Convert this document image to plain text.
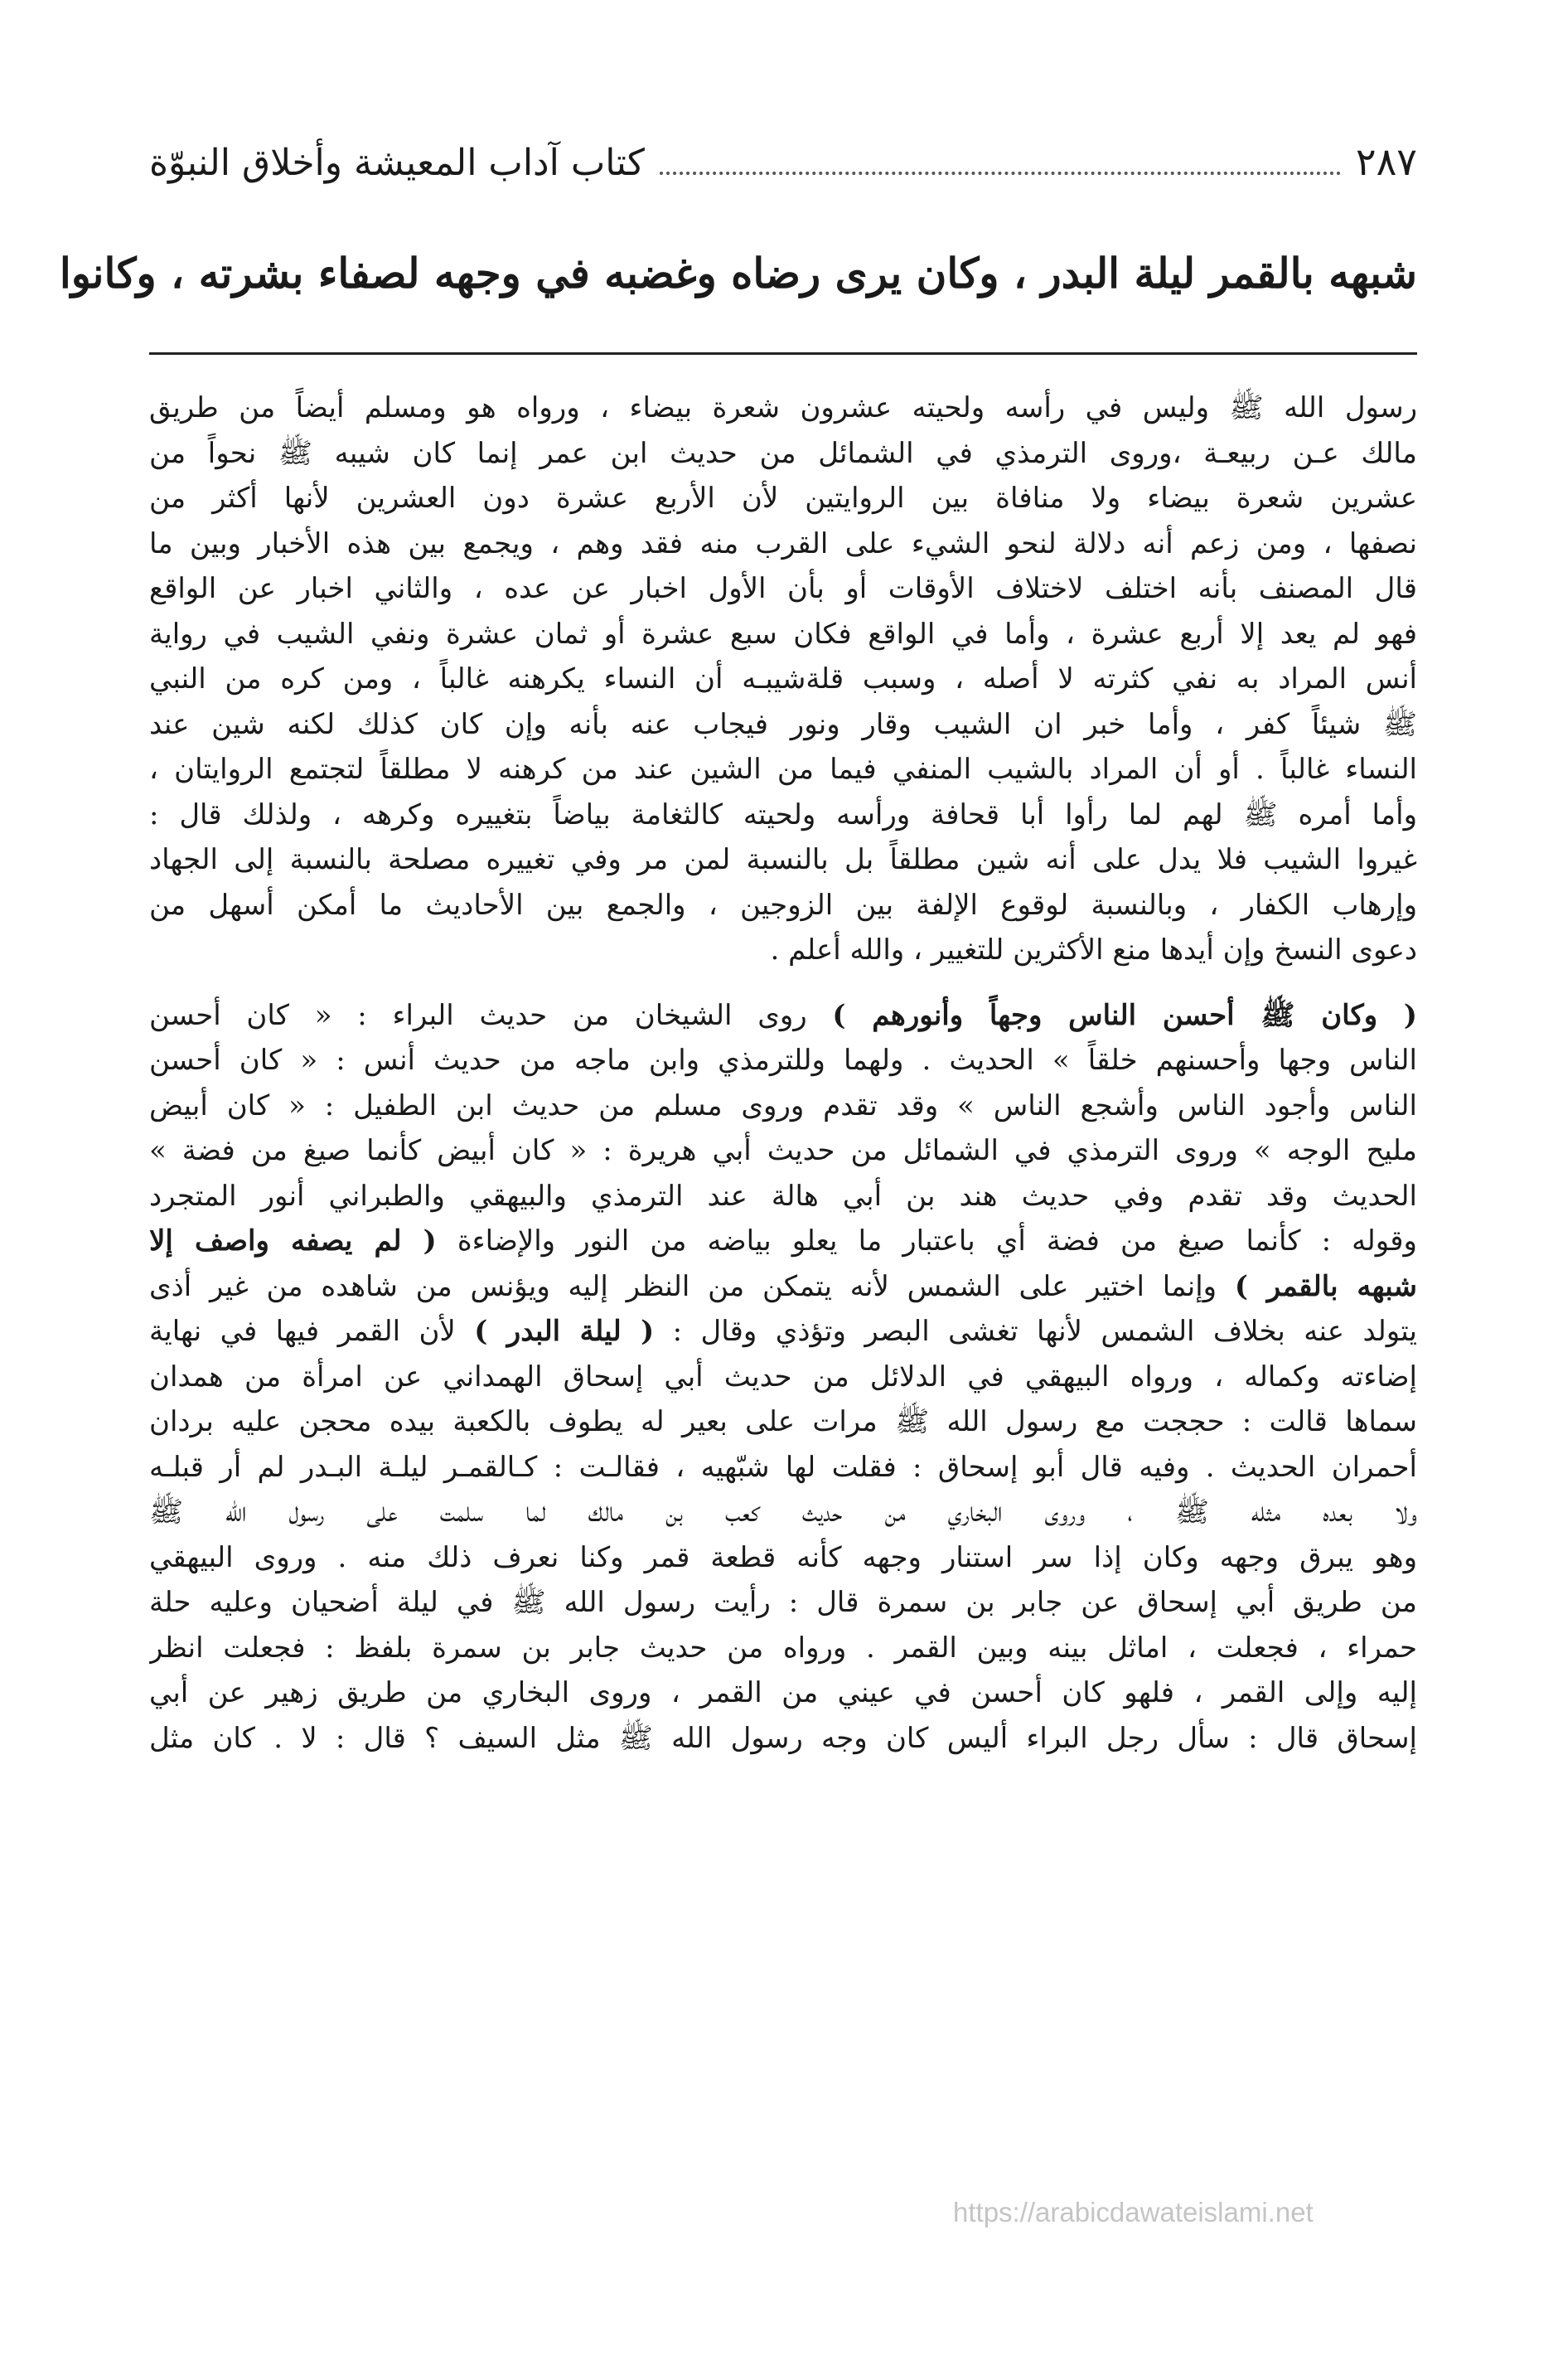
كتاب آداب المعيشة وأخلاق النبوّة	٢٨٧
شبهه بالقمر ليلة البدر ، وكان يرى رضاه وغضبه في وجهه لصفاء بشرته ، وكانوا
رسول الله ﷺ وليس في رأسه ولحيته عشرون شعرة بيضاء ، ورواه هو ومسلم أيضاً من طريق
مالك عـن ربيعـة ،وروى الترمذي في الشمائل من حديث ابن عمر إنما كان شيبه ﷺ نحواً من
عشرين شعرة بيضاء ولا منافاة بين الروايتين لأن الأربع عشرة دون العشرين لأنها أكثر من
نصفها ، ومن زعم أنه دلالة لنحو الشيء على القرب منه فقد وهم ، ويجمع بين هذه الأخبار وبين ما
قال المصنف بأنه اختلف لاختلاف الأوقات أو بأن الأول اخبار عن عده ، والثاني اخبار عن الواقع
فهو لم يعد إلا أربع عشرة ، وأما في الواقع فكان سبع عشرة أو ثمان عشرة ونفي الشيب في رواية
أنس المراد به نفي كثرته لا أصله ، وسبب قلةشيبـه أن النساء يكرهنه غالباً ، ومن كره من النبي
ﷺ شيئاً كفر ، وأما خبر ان الشيب وقار ونور فيجاب عنه بأنه وإن كان كذلك لكنه شين عند
النساء غالباً . أو أن المراد بالشيب المنفي فيما من الشين عند من كرهنه لا مطلقاً لتجتمع الروايتان ،
وأما أمره ﷺ لهم لما رأوا أبا قحافة ورأسه ولحيته كالثغامة بياضاً بتغييره وكرهه ، ولذلك قال :
غيروا الشيب فلا يدل على أنه شين مطلقاً بل بالنسبة لمن مر وفي تغييره مصلحة بالنسبة إلى الجهاد
وإرهاب الكفار ، وبالنسبة لوقوع الإلفة بين الزوجين ، والجمع بين الأحاديث ما أمكن أسهل من
دعوى النسخ وإن أيدها منع الأكثرين للتغيير ، والله أعلم .
( وكان ﷺ أحسن الناس وجهاً وأنورهم ) روى الشيخان من حديث البراء : « كان أحسن
الناس وجها وأحسنهم خلقاً » الحديث . ولهما وللترمذي وابن ماجه من حديث أنس : « كان أحسن
الناس وأجود الناس وأشجع الناس » وقد تقدم وروى مسلم من حديث ابن الطفيل : « كان أبيض
مليح الوجه » وروى الترمذي في الشمائل من حديث أبي هريرة : « كان أبيض كأنما صيغ من فضة »
الحديث وقد تقدم وفي حديث هند بن أبي هالة عند الترمذي والبيهقي والطبراني أنور المتجرد
وقوله : كأنما صيغ من فضة أي باعتبار ما يعلو بياضه من النور والإضاءة ( لم يصفه واصف إلا
شبهه بالقمر ) وإنما اختير على الشمس لأنه يتمكن من النظر إليه ويؤنس من شاهده من غير أذى
يتولد عنه بخلاف الشمس لأنها تغشى البصر وتؤذي وقال : ( ليلة البدر ) لأن القمر فيها في نهاية
إضاءته وكماله ، ورواه البيهقي في الدلائل من حديث أبي إسحاق الهمداني عن امرأة من همدان
سماها قالت : حججت مع رسول الله ﷺ مرات على بعير له يطوف بالكعبة بيده محجن عليه بردان
أحمران الحديث . وفيه قال أبو إسحاق : فقلت لها شبّهيه ، فقالـت : كـالقمـر ليلـة البـدر لم أر قبلـه
ولا بعده مثله ﷺ ، وروى البخاري من حديث كعب بن مالك لما سلمت على رسول الله ﷺ
وهو يبرق وجهه وكان إذا سر استنار وجهه كأنه قطعة قمر وكنا نعرف ذلك منه . وروى البيهقي
من طريق أبي إسحاق عن جابر بن سمرة قال : رأيت رسول الله ﷺ في ليلة أضحيان وعليه حلة
حمراء ، فجعلت ، اماثل بينه وبين القمر . ورواه من حديث جابر بن سمرة بلفظ : فجعلت انظر
إليه وإلى القمر ، فلهو كان أحسن في عيني من القمر ، وروى البخاري من طريق زهير عن أبي
إسحاق قال : سأل رجل البراء أليس كان وجه رسول الله ﷺ مثل السيف ؟ قال : لا . كان مثل
https://arabicdawateislami.net
